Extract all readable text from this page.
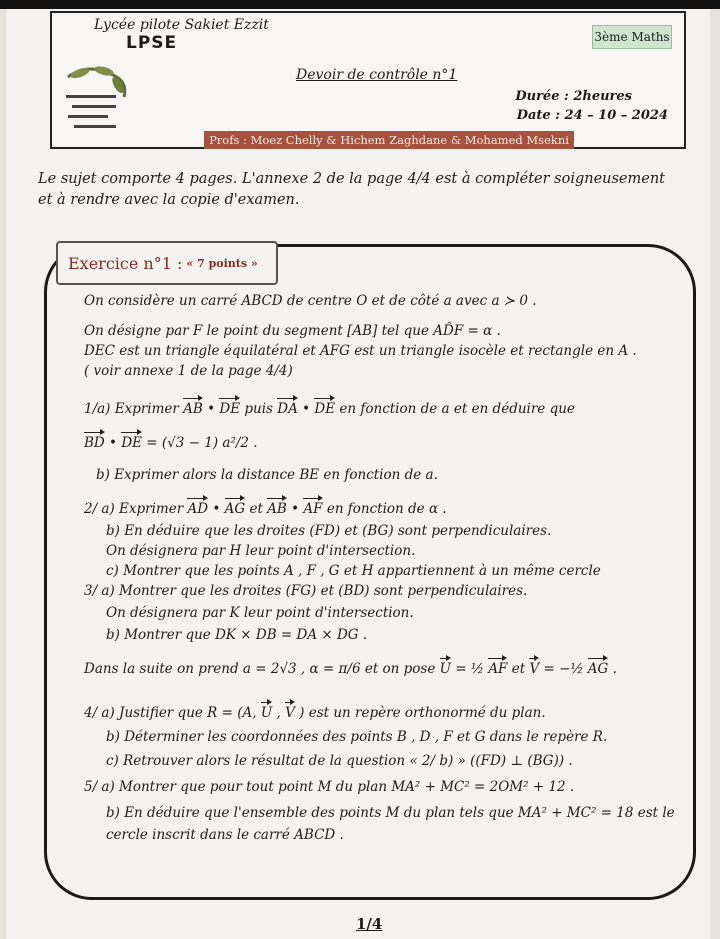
Lycée pilote Sakiet Ezzit
LPSE	3ème Maths
Devoir de contrôle n°1
Durée : 2heures
Date : 24 – 10 – 2024
Profs : Moez Chelly & Hichem Zaghdane & Mohamed Msekni
Le sujet comporte 4 pages. L'annexe 2 de la page 4/4 est à compléter soigneusement et à rendre avec la copie d'examen.
Exercice n°1 : « 7 points »
On considère un carré ABCD de centre O et de côté a avec a ≻ 0 .
On désigne par F le point du segment [AB] tel que AD̂F = α .
DEC est un triangle équilatéral et AFG est un triangle isocèle et rectangle en A .
( voir annexe 1 de la page 4/4)
1/a) Exprimer AB • DE puis DA • DE en fonction de a et en déduire que
BD • DE = (√3 − 1) a²/2 .
b) Exprimer alors la distance BE en fonction de a.
2/ a) Exprimer AD • AG et AB • AF en fonction de α .
b) En déduire que les droites (FD) et (BG) sont perpendiculaires.
On désignera par H leur point d'intersection.
c) Montrer que les points A , F , G et H appartiennent à un même cercle
3/ a) Montrer que les droites (FG) et (BD) sont perpendiculaires.
On désignera par K leur point d'intersection.
b) Montrer que DK × DB = DA × DG .
Dans la suite on prend a = 2√3 , α = π/6 et on pose U = ½ AF et V = −½ AG .
4/ a) Justifier que R = (A, U , V ) est un repère orthonormé du plan.
b) Déterminer les coordonnées des points B , D , F et G dans le repère R.
c) Retrouver alors le résultat de la question « 2/ b) » ((FD) ⊥ (BG)) .
5/ a) Montrer que pour tout point M du plan MA² + MC² = 2OM² + 12 .
b) En déduire que l'ensemble des points M du plan tels que MA² + MC² = 18 est le
cercle inscrit dans le carré ABCD .
1/4
